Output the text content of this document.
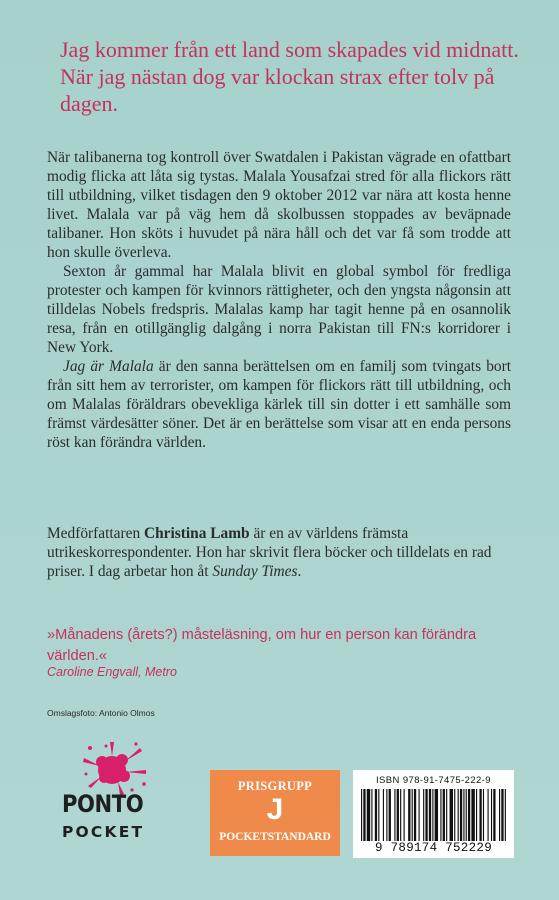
Jag kommer från ett land som skapades vid midnatt. När jag nästan dog var klockan strax efter tolv på dagen.

När talibanerna tog kontroll över Swatdalen i Pakistan vägrade en ofattbart modig flicka att låta sig tystas. Malala Yousafzai stred för alla flickors rätt till utbildning, vilket tisdagen den 9 oktober 2012 var nära att kosta henne livet. Malala var på väg hem då skolbussen stoppades av beväpnade talibaner. Hon sköts i huvudet på nära håll och det var få som trodde att hon skulle överleva.

Sexton år gammal har Malala blivit en global symbol för fredliga protester och kampen för kvinnors rättigheter, och den yngsta någonsin att tilldelas Nobels fredspris. Malalas kamp har tagit henne på en osannolik resa, från en otillgänglig dalgång i norra Pakistan till FN:s korridorer i New York.

Jag är Malala är den sanna berättelsen om en familj som tvingats bort från sitt hem av terrorister, om kampen för flickors rätt till utbildning, och om Malalas föräldrars obevekliga kärlek till sin dotter i ett samhälle som främst värdesätter söner. Det är en berättelse som visar att en enda persons röst kan förändra världen.

Medförfattaren Christina Lamb är en av världens främsta utrikeskorrespondenter. Hon har skrivit flera böcker och tilldelats en rad priser. I dag arbetar hon åt Sunday Times.
»Månadens (årets?) måsteläsning, om hur en person kan förändra världen.«
Caroline Engvall, Metro
Omslagsfoto: Antonio Olmos
PONTO
POCKET
PRISGRUPP
J
POCKETSTANDARD
ISBN 978-91-7475-222-9
9 789174 752229
